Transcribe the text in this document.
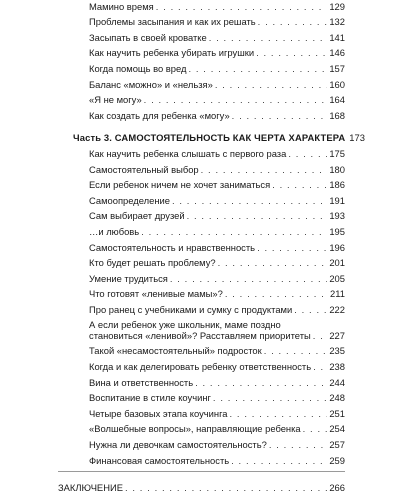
Мамино время . . .	129
Проблемы засыпания и как их решать . . .	132
Засыпать в своей кроватке . . .	141
Как научить ребенка убирать игрушки . . .	146
Когда помощь во вред . . .	157
Баланс «можно» и «нельзя» . . .	160
«Я не могу» . . .	164
Как создать для ребенка «могу» . . .	168
Часть 3. САМОСТОЯТЕЛЬНОСТЬ КАК ЧЕРТА ХАРАКТЕРА 173
Как научить ребенка слышать с первого раза . . .	175
Самостоятельный выбор . . .	180
Если ребенок ничем не хочет заниматься . . .	186
Самоопределение . . .	191
Сам выбирает друзей . . .	193
…и любовь . . .	195
Самостоятельность и нравственность . . .	196
Кто будет решать проблему? . . .	201
Умение трудиться . . .	205
Что готовят «ленивые мамы»? . . .	211
Про ранец с учебниками и сумку с продуктами . . .	222
А если ребенок уже школьник, маме поздно
становиться «ленивой»? Расставляем приоритеты . . . 227
Такой «несамостоятельный» подросток . . .	235
Когда и как делегировать ребенку ответственность . . . 238
Вина и ответственность . . .	244
Воспитание в стиле коучинг . . .	248
Четыре базовых этапа коучинга . . .	251
«Волшебные вопросы», направляющие ребенка . . .	254
Нужна ли девочкам самостоятельность? . . .	257
Финансовая самостоятельность . . .	259
ЗАКЛЮЧЕНИЕ . . .	266
